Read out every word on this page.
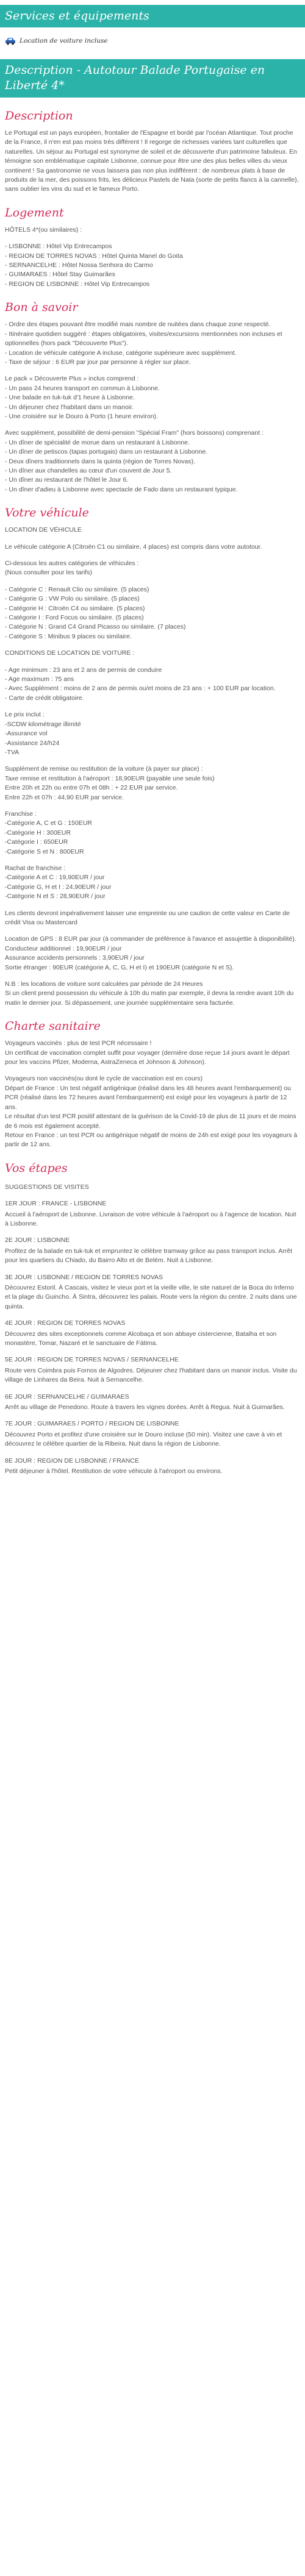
Services et équipements
Location de voiture incluse
Description - Autotour Balade Portugaise en Liberté 4*
Description

Le Portugal est un pays européen, frontalier de l'Espagne et bordé par l'océan Atlantique. Tout proche de la France, il n'en est pas moins très différent ! Il regorge de richesses variées tant culturelles que naturelles. Un séjour au Portugal est synonyme de soleil et de découverte d'un patrimoine fabuleux. En témoigne son emblématique capitale Lisbonne, connue pour être une des plus belles villes du vieux continent ! Sa gastronomie ne vous laissera pas non plus indifférent : de nombreux plats à base de produits de la mer, des poissons frits, les délicieux Pastels de Nata (sorte de petits flancs à la cannelle), sans oublier les vins du sud et le fameux Porto.

Logement

HÔTELS 4*(ou similaires) :

- LISBONNE : Hôtel Vip Entrecampos

- REGION DE TORRES NOVAS : Hôtel Quinta Manel do Goita

- SERNANCELHE : Hôtel Nossa Senhora do Carmo

- GUIMARAES : Hôtel Stay Guimarães

- REGION DE LISBONNE : Hôtel Vip Entrecampos

Bon à savoir

- Ordre des étapes pouvant être modifié mais nombre de nuitées dans chaque zone respecté.

- Itinéraire quotidien suggéré : étapes obligatoires, visites/excursions mentionnées non incluses et optionnelles (hors pack "Découverte Plus").

- Location de véhicule catégorie A incluse, catégorie supérieure avec supplément.

- Taxe de séjour : 6 EUR par jour par personne à régler sur place.

Le pack « Découverte Plus » inclus comprend :

- Un pass 24 heures transport en commun à Lisbonne.

- Une balade en tuk-tuk d'1 heure à Lisbonne.

- Un déjeuner chez l'habitant dans un manoir.

- Une croisière sur le Douro à Porto (1 heure environ).

Avec supplément, possibilité de demi-pension "Spécial Fram" (hors boissons) comprenant :

- Un dîner de spécialité de morue dans un restaurant à Lisbonne.

- Un dîner de petiscos (tapas portugais) dans un restaurant à Lisbonne.

- Deux dîners traditionnels dans la quinta (région de Torres Novas).

- Un dîner aux chandelles au cœur d'un couvent de Jour 5.

- Un dîner au restaurant de l'hôtel le Jour 6.

- Un dîner d'adieu à Lisbonne avec spectacle de Fado dans un restaurant typique.

Votre véhicule

LOCATION DE VÉHICULE

Le véhicule catégorie A (Citroën C1 ou similaire, 4 places) est compris dans votre autotour.

Ci-dessous les autres catégories de véhicules :

(Nous consulter pour les tarifs)

- Catégorie C : Renault Clio ou similaire. (5 places)

- Catégorie G : VW Polo ou similaire. (5 places)

- Catégorie H : Citroën C4 ou similaire. (5 places)

- Catégorie I : Ford Focus ou similaire. (5 places)

- Catégorie N : Grand C4 Grand Picasso ou similaire. (7 places)

- Catégorie S : Minibus 9 places ou similaire.

CONDITIONS DE LOCATION DE VOITURE :

- Age minimum : 23 ans et 2 ans de permis de conduire

- Age maximum : 75 ans

- Avec Supplément : moins de 2 ans de permis ou/et moins de 23 ans : + 100 EUR par location.

- Carte de crédit obligatoire.

Le prix inclut :

-SCDW kilométrage illimité

-Assurance vol

-Assistance 24/h24

-TVA

Supplément de remise ou restitution de la voiture (à payer sur place) :

Taxe remise et restitution à l'aéroport : 18,90EUR (payable une seule fois)

Entre 20h et 22h ou entre 07h et 08h : + 22 EUR par service.

Entre 22h et 07h : 44,90 EUR par service.

Franchise :

-Catégorie A, C et G : 150EUR

-Catégorie H : 300EUR

-Catégorie I : 650EUR

-Catégorie S et N : 800EUR

Rachat de franchise :

-Catégorie A et C : 19,90EUR / jour

-Catégorie G, H et I : 24,90EUR / jour

-Catégorie N et S : 28,90EUR / jour

Les clients devront impérativement laisser une empreinte ou une caution de cette valeur en Carte de crédit Visa ou Mastercard

Location de GPS : 8 EUR par jour (à commander de préférence à l'avance et assujettie à disponibilité).

Conducteur additionnel : 19,90EUR / jour

Assurance accidents personnels : 3,90EUR / jour

Sortie étranger : 90EUR (catégorie A, C, G, H et I) et 190EUR (catégorie N et S).

N.B : les locations de voiture sont calculées par période de 24 Heures

Si un client prend possession du véhicule à 10h du matin par exemple, il devra la rendre avant 10h du matin le dernier jour. Si dépassement, une journée supplémentaire sera facturée.

Charte sanitaire

Voyageurs vaccinés : plus de test PCR nécessaire !

Un certificat de vaccination complet suffit pour voyager (dernière dose reçue 14 jours avant le départ pour les vaccins Pfizer, Moderna, AstraZeneca et Johnson & Johnson).

Voyageurs non vaccinés(ou dont le cycle de vaccination est en cours)

Départ de France : Un test négatif antigénique (réalisé dans les 48 heures avant l'embarquement) ou PCR (réalisé dans les 72 heures avant l'embarquement) est exigé pour les voyageurs à partir de 12 ans.

Le résultat d'un test PCR positif attestant de la guérison de la Covid-19 de plus de 11 jours et de moins de 6 mois est également accepté.

Retour en France : un test PCR ou antigénique négatif de moins de 24h est exigé pour les voyageurs à partir de 12 ans.

Vos étapes

SUGGESTIONS DE VISITES

1ER JOUR : FRANCE - LISBONNE

Accueil à l'aéroport de Lisbonne. Livraison de votre véhicule à l'aéroport ou à l'agence de location. Nuit à Lisbonne.

2E JOUR : LISBONNE

Profitez de la balade en tuk-tuk et empruntez le célèbre tramway grâce au pass transport inclus. Arrêt pour les quartiers du Chiado, du Bairro Alto et de Belém. Nuit à Lisbonne.

3E JOUR : LISBONNE / REGION DE TORRES NOVAS

Découvrez Estoril. À Cascais, visitez le vieux port et la vieille ville, le site naturel de la Boca do Inferno et la plage du Guincho. À Sintra, découvrez les palais. Route vers la région du centre. 2 nuits dans une quinta.

4E JOUR : REGION DE TORRES NOVAS

Découvrez des sites exceptionnels comme Alcobaça et son abbaye cistercienne, Batalha et son monastère, Tomar, Nazaré et le sanctuaire de Fátima.

5E JOUR : REGION DE TORRES NOVAS / SERNANCELHE

Route vers Coimbra puis Fornos de Algodres. Déjeuner chez l'habitant dans un manoir inclus. Visite du village de Linhares da Beira. Nuit à Sernancelhe.

6E JOUR : SERNANCELHE / GUIMARAES

Arrêt au village de Penedono. Route à travers les vignes dorées. Arrêt à Regua. Nuit à Guimarães.

7E JOUR : GUIMARAES / PORTO / REGION DE LISBONNE

Découvrez Porto et profitez d'une croisière sur le Douro incluse (50 min). Visitez une cave à vin et découvrez le célèbre quartier de la Ribeira. Nuit dans la région de Lisbonne.

8E JOUR : REGION DE LISBONNE / FRANCE

Petit déjeuner à l'hôtel. Restitution de votre véhicule à l'aéroport ou environs.
